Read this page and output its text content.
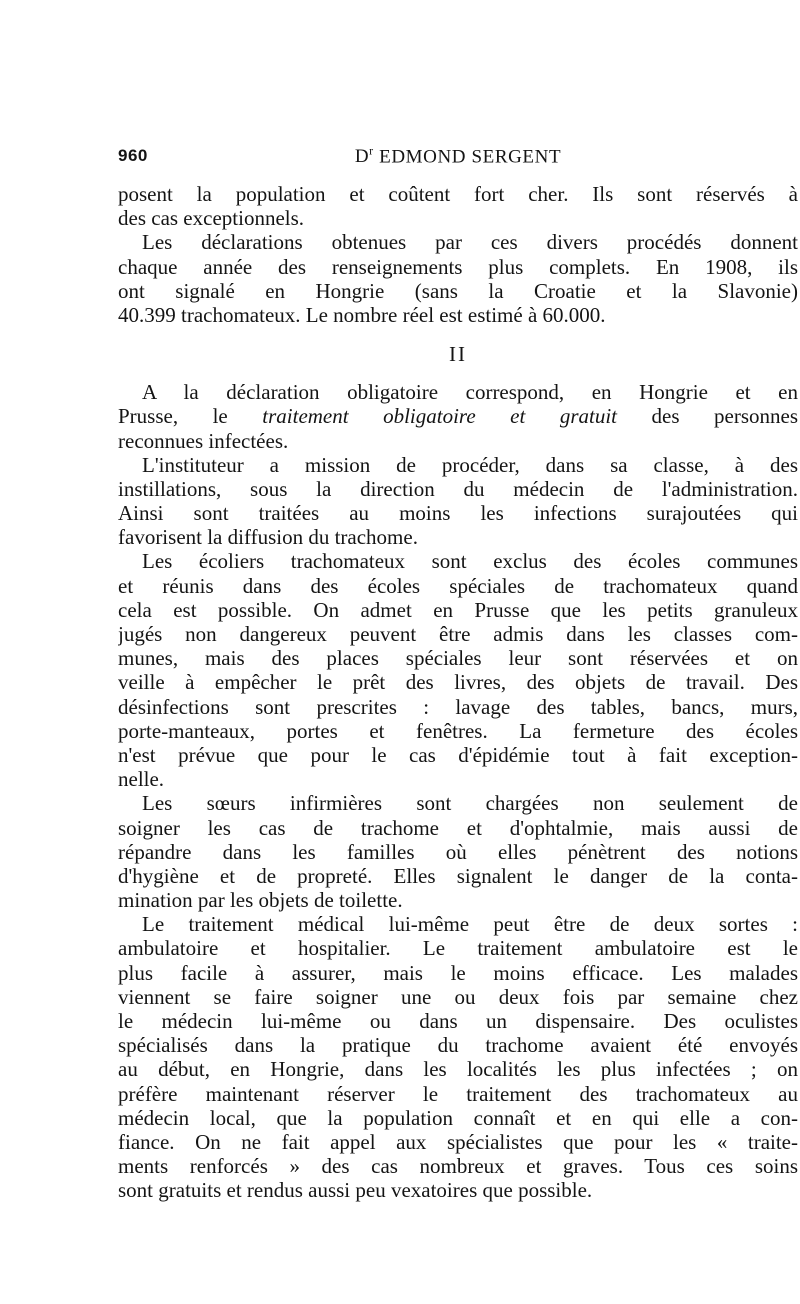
960	$D^r$ EDMOND SERGENT
posent la population et coûtent fort cher. Ils sont réservés à
des cas exceptionnels.
Les déclarations obtenues par ces divers procédés donnent
chaque année des renseignements plus complets. En 1908, ils
ont signalé en Hongrie (sans la Croatie et la Slavonie)
40.399 trachomateux. Le nombre réel est estimé à 60.000.
II
A la déclaration obligatoire correspond, en Hongrie et en
Prusse, le traitement obligatoire et gratuit des personnes
reconnues infectées.
L'instituteur a mission de procéder, dans sa classe, à des
instillations, sous la direction du médecin de l'administration.
Ainsi sont traitées au moins les infections surajoutées qui
favorisent la diffusion du trachome.
Les écoliers trachomateux sont exclus des écoles communes
et réunis dans des écoles spéciales de trachomateux quand
cela est possible. On admet en Prusse que les petits granuleux
jugés non dangereux peuvent être admis dans les classes com-
munes, mais des places spéciales leur sont réservées et on
veille à empêcher le prêt des livres, des objets de travail. Des
désinfections sont prescrites : lavage des tables, bancs, murs,
porte-manteaux, portes et fenêtres. La fermeture des écoles
n'est prévue que pour le cas d'épidémie tout à fait exception-
nelle.
Les sœurs infirmières sont chargées non seulement de
soigner les cas de trachome et d'ophtalmie, mais aussi de
répandre dans les familles où elles pénètrent des notions
d'hygiène et de propreté. Elles signalent le danger de la conta-
mination par les objets de toilette.
Le traitement médical lui-même peut être de deux sortes :
ambulatoire et hospitalier. Le traitement ambulatoire est le
plus facile à assurer, mais le moins efficace. Les malades
viennent se faire soigner une ou deux fois par semaine chez
le médecin lui-même ou dans un dispensaire. Des oculistes
spécialisés dans la pratique du trachome avaient été envoyés
au début, en Hongrie, dans les localités les plus infectées ; on
préfère maintenant réserver le traitement des trachomateux au
médecin local, que la population connaît et en qui elle a con-
fiance. On ne fait appel aux spécialistes que pour les « traite-
ments renforcés » des cas nombreux et graves. Tous ces soins
sont gratuits et rendus aussi peu vexatoires que possible.
